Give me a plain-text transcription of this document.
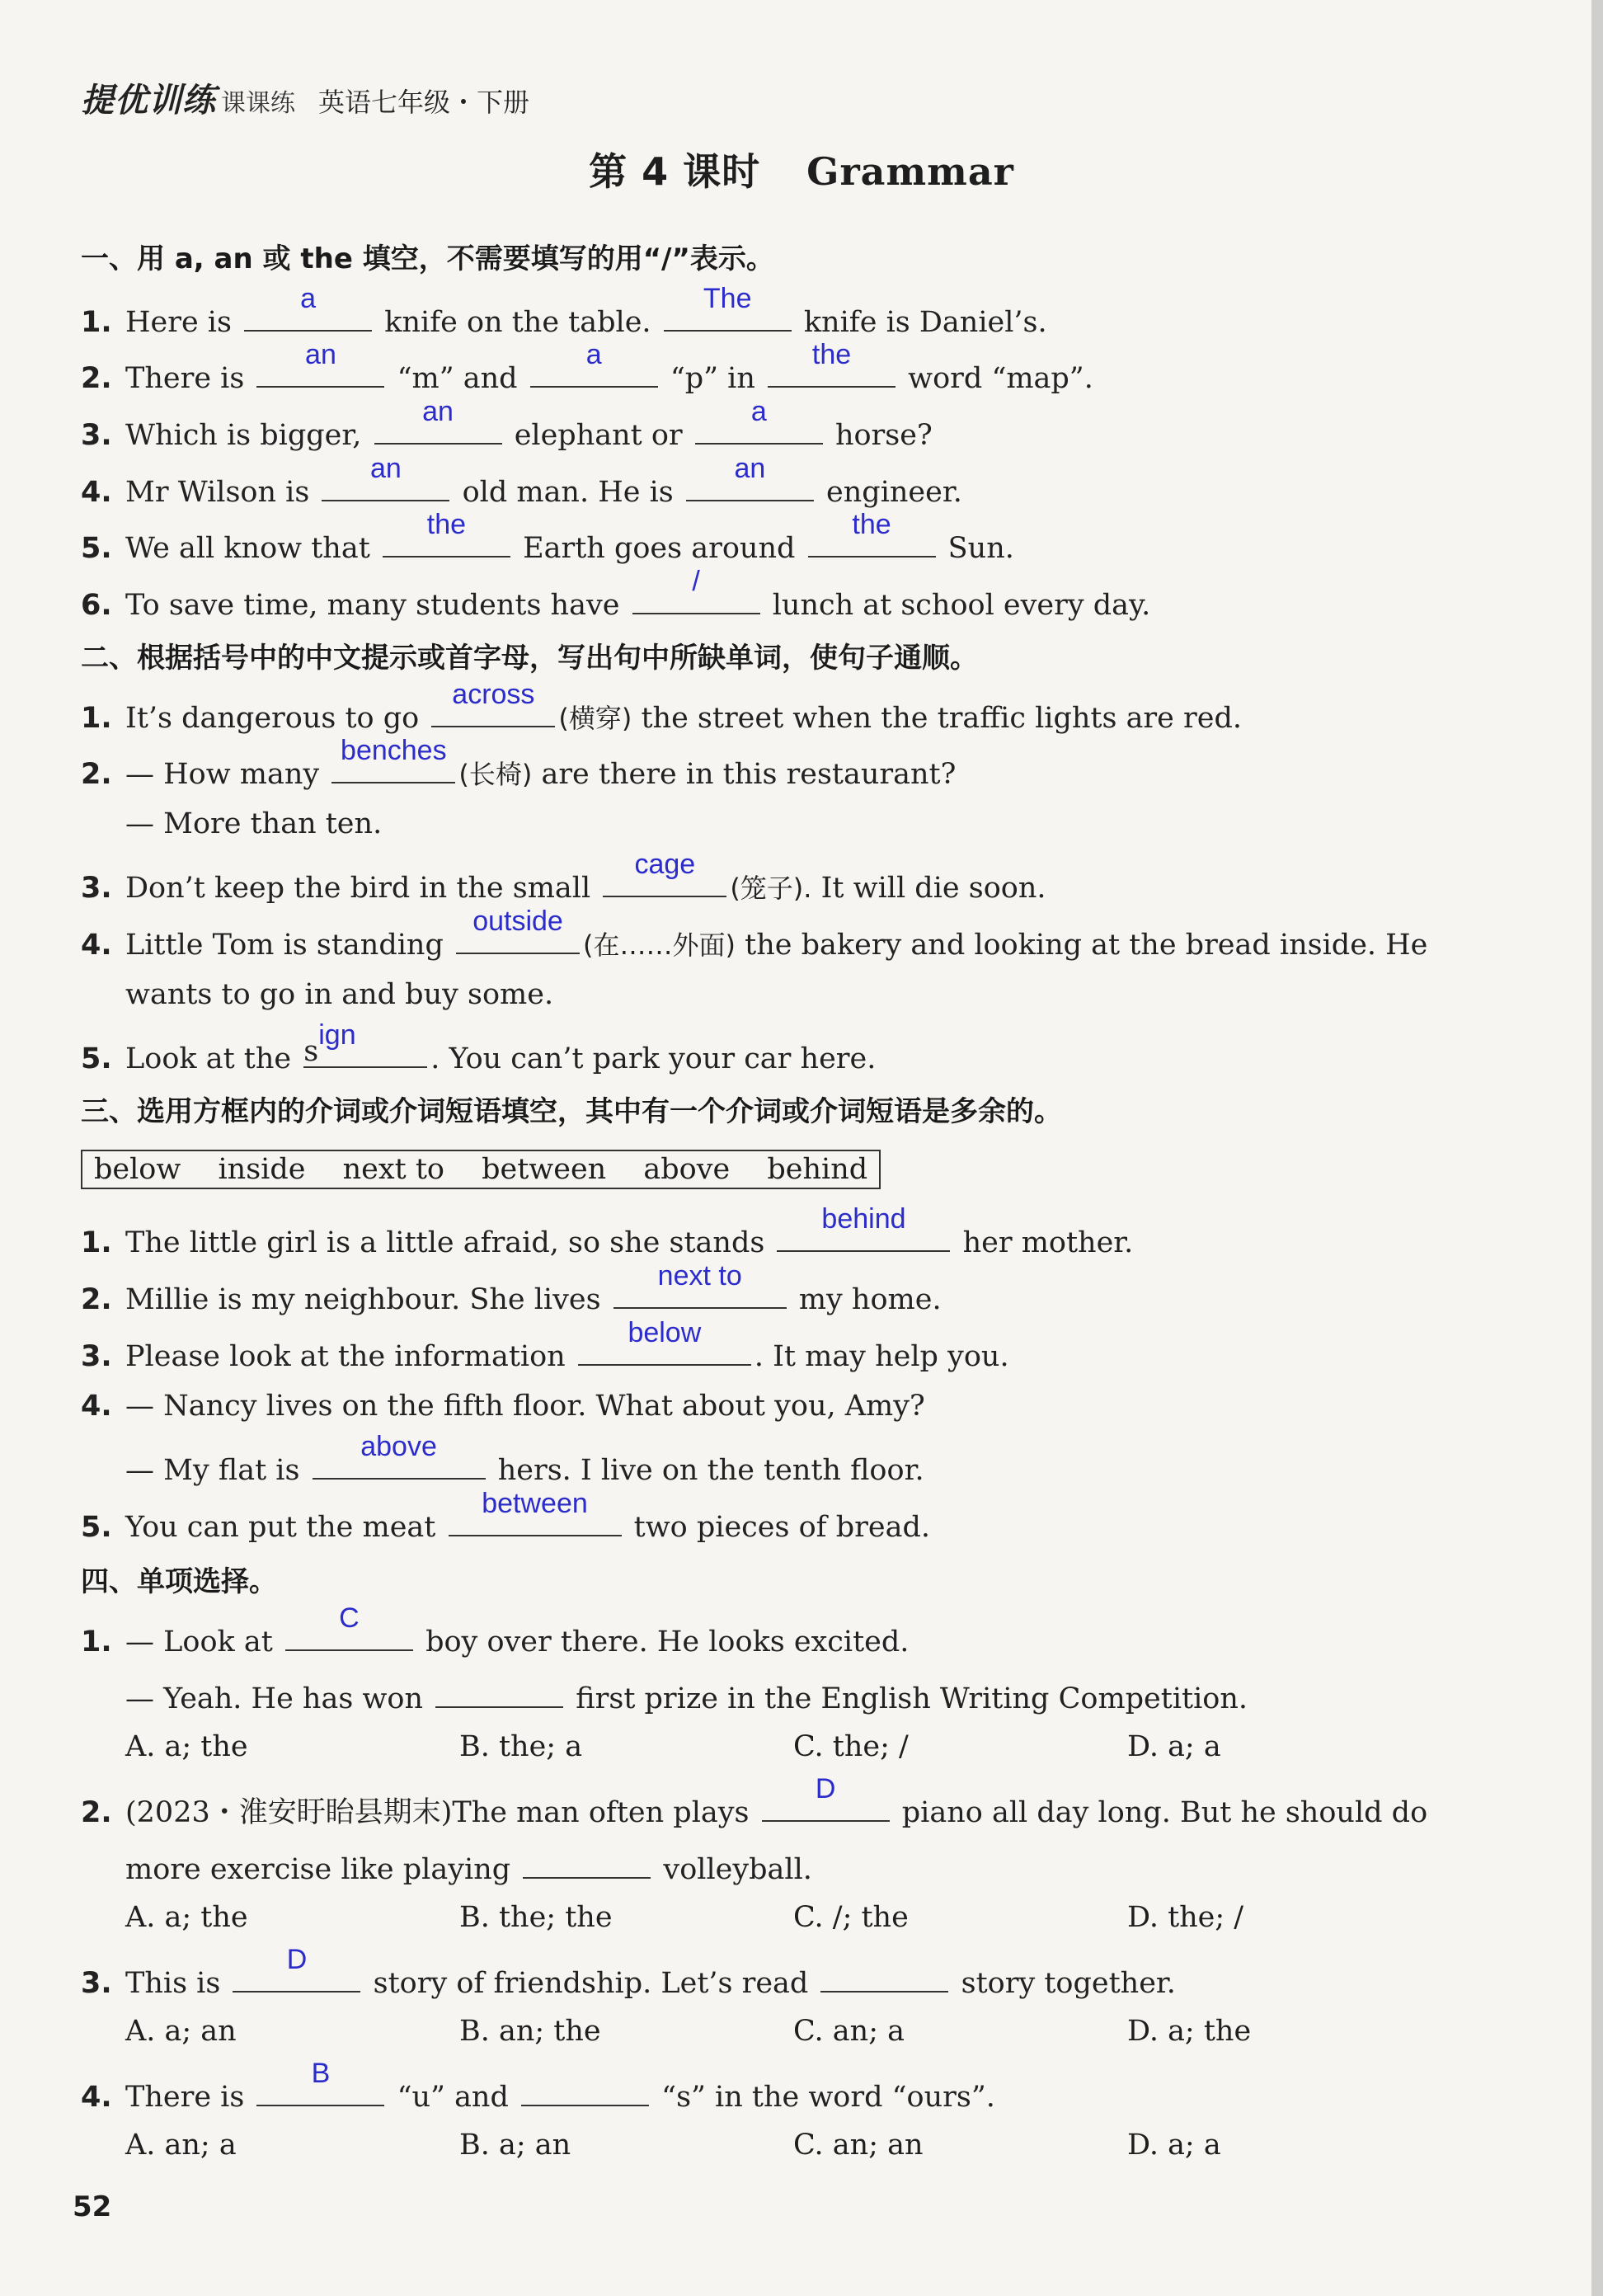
提优训练 课课练 英语七年级・下册
第 4 课时 Grammar
一、用 a, an 或 the 填空，不需要填写的用“/”表示。
1. Here is
a
knife on the table.
The
knife is Daniel’s.
2. There is
an
“m” and
a
“p” in
the
word “map”.
3. Which is bigger,
an
elephant or
a
horse?
4. Mr Wilson is
an
old man. He is
an
engineer.
5. We all know that
the
Earth goes around
the
Sun.
6. To save time, many students have
/
lunch at school every day.
二、根据括号中的中文提示或首字母，写出句中所缺单词，使句子通顺。
1. It’s dangerous to go
across
(横穿) the street when the traffic lights are red.
2. — How many
benches
(长椅) are there in this restaurant?
— More than ten.
3. Don’t keep the bird in the small
cage
(笼子). It will die soon.
4. Little Tom is standing
outside
(在……外面) the bakery and looking at the bread inside. He
wants to go in and buy some.
5. Look at the s ign
. You can’t park your car here.
三、选用方框内的介词或介词短语填空，其中有一个介词或介词短语是多余的。
below inside next to between above behind
1. The little girl is a little afraid, so she stands
behind
her mother.
2. Millie is my neighbour. She lives
next to
my home.
3. Please look at the information
below
. It may help you.
4. — Nancy lives on the fifth floor. What about you, Amy?
— My flat is
above
hers. I live on the tenth floor.
5. You can put the meat
between
two pieces of bread.
四、单项选择。
1. — Look at
C
boy over there. He looks excited.
— Yeah. He has won	first prize in the English Writing Competition.
A. a; the	B. the; a	C. the; /	D. a; a
2. (2023・淮安盱眙县期末)The man often plays
D
piano all day long. But he should do
more exercise like playing	volleyball.
A. a; the	B. the; the	C. /; the	D. the; /
3. This is
D
story of friendship. Let’s read	story together.
A. a; an	B. an; the	C. an; a	D. a; the
4. There is
B
“u” and	“s” in the word “ours”.
A. an; a	B. a; an	C. an; an	D. a; a
52
